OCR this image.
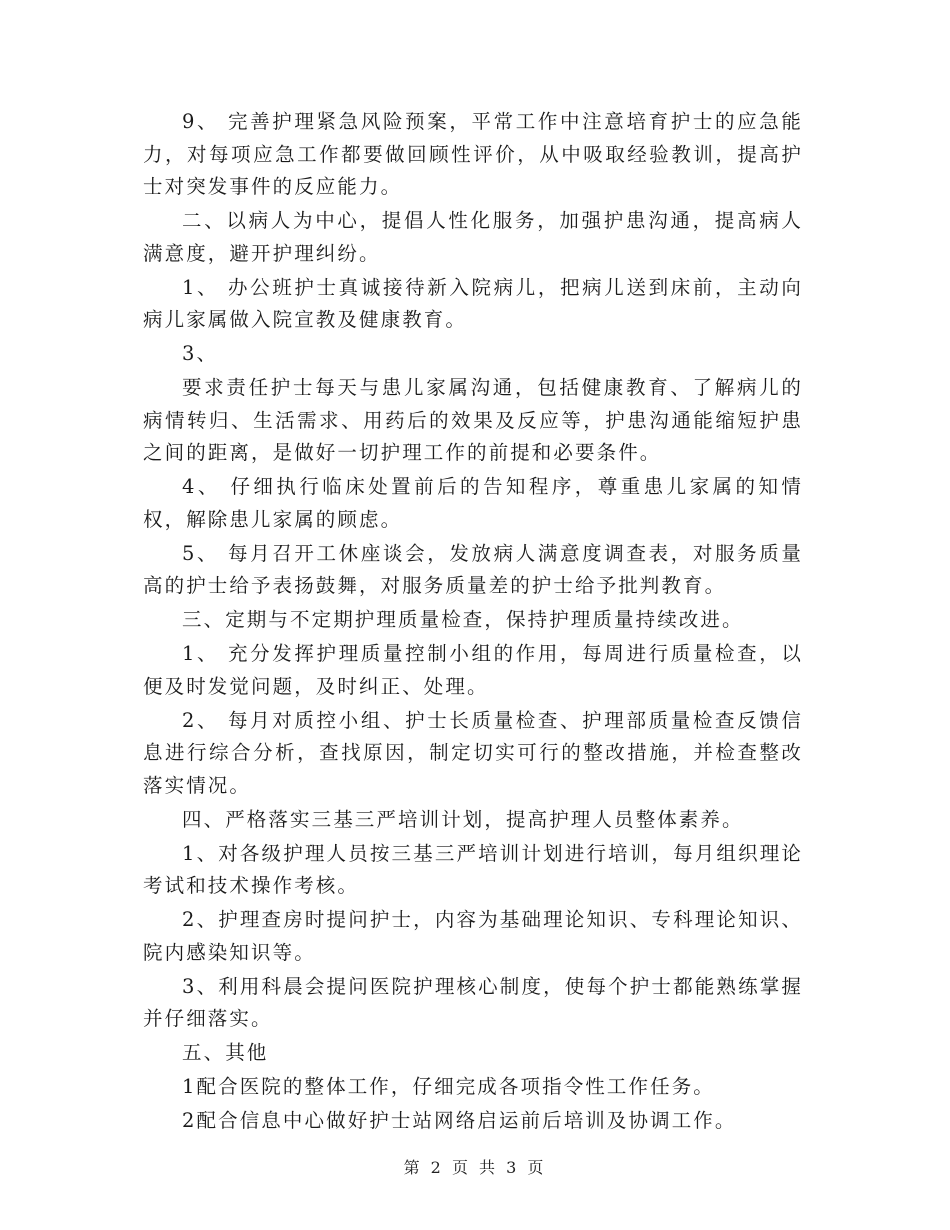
9、 完善护理紧急风险预案，平常工作中注意培育护士的应急能力，对每项应急工作都要做回顾性评价，从中吸取经验教训，提高护士对突发事件的反应能力。

二、以病人为中心，提倡人性化服务，加强护患沟通，提高病人满意度，避开护理纠纷。

1、 办公班护士真诚接待新入院病儿，把病儿送到床前，主动向病儿家属做入院宣教及健康教育。

3、

要求责任护士每天与患儿家属沟通，包括健康教育、了解病儿的病情转归、生活需求、用药后的效果及反应等，护患沟通能缩短护患之间的距离，是做好一切护理工作的前提和必要条件。

4、 仔细执行临床处置前后的告知程序，尊重患儿家属的知情权，解除患儿家属的顾虑。

5、 每月召开工休座谈会，发放病人满意度调查表，对服务质量高的护士给予表扬鼓舞，对服务质量差的护士给予批判教育。

三、定期与不定期护理质量检查，保持护理质量持续改进。

1、 充分发挥护理质量控制小组的作用，每周进行质量检查，以便及时发觉问题，及时纠正、处理。

2、 每月对质控小组、护士长质量检查、护理部质量检查反馈信息进行综合分析，查找原因，制定切实可行的整改措施，并检查整改落实情况。

四、严格落实三基三严培训计划，提高护理人员整体素养。

1、对各级护理人员按三基三严培训计划进行培训，每月组织理论考试和技术操作考核。

2、护理查房时提问护士，内容为基础理论知识、专科理论知识、院内感染知识等。

3、利用科晨会提问医院护理核心制度，使每个护士都能熟练掌握并仔细落实。

五、其他

1配合医院的整体工作，仔细完成各项指令性工作任务。

2配合信息中心做好护士站网络启运前后培训及协调工作。

第 2 页 共 3 页
